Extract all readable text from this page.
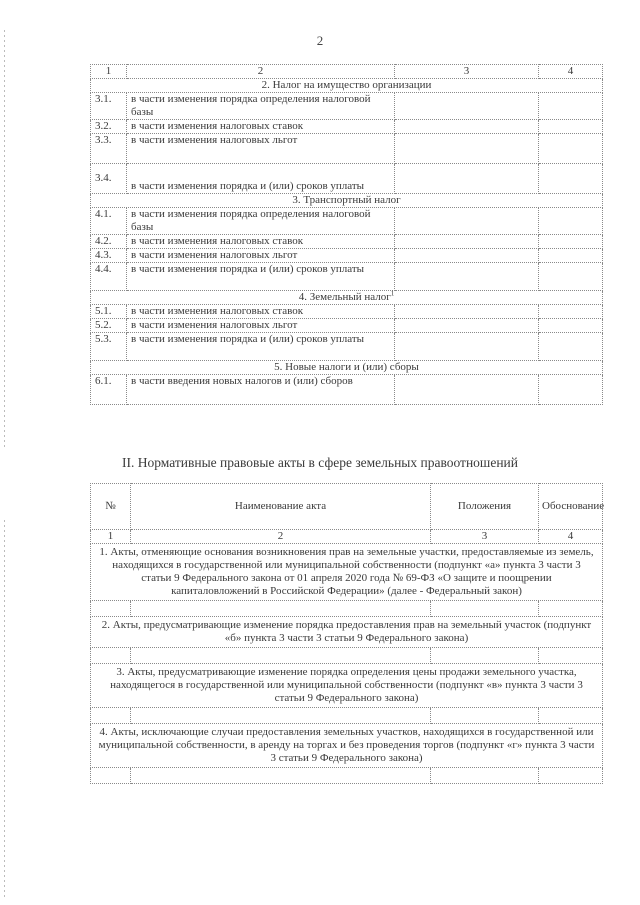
2
1	2	3	4
2. Налог на имущество организации			
3.1.	в части изменения порядка определения налоговой базы		
3.2.	в части изменения налоговых ставок		
3.3.	в части изменения налоговых льгот		
3.4.	в части изменения порядка и (или) сроков уплаты		
3. Транспортный налог			
4.1.	в части изменения порядка определения налоговой базы		
4.2.	в части изменения налоговых ставок		
4.3.	в части изменения налоговых льгот		
4.4.	в части изменения порядка и (или) сроков уплаты		
4. Земельный налог$^1$
5.1.	в части изменения налоговых ставок		
5.2.	в части изменения налоговых льгот		
5.3.	в части изменения порядка и (или) сроков уплаты		
5. Новые налоги и (или) сборы			
6.1.	в части введения новых налогов и (или) сборов		
II. Нормативные правовые акты в сфере земельных правоотношений
№	Наименование акта	Положения	Обоснование
1	2	3	4
1. Акты, отменяющие основания возникновения прав на земельные участки, предоставляемые из земель, находящихся в государственной или муниципальной собственности (подпункт «а» пункта 3 части 3 статьи 9 Федерального закона от 01 апреля 2020 года № 69-ФЗ «О защите и поощрении капиталовложений в Российской Федерации» (далее - Федеральный закон)			

2. Акты, предусматривающие изменение порядка предоставления прав на земельный участок (подпункт «б» пункта 3 части 3 статьи 9 Федерального закона)			

3. Акты, предусматривающие изменение порядка определения цены продажи земельного участка, находящегося в государственной или муниципальной собственности (подпункт «в» пункта 3 части 3 статьи 9 Федерального закона)			

4. Акты, исключающие случаи предоставления земельных участков, находящихся в государственной или муниципальной собственности, в аренду на торгах и без проведения торгов (подпункт «г» пункта 3 части 3 статьи 9 Федерального закона)			
